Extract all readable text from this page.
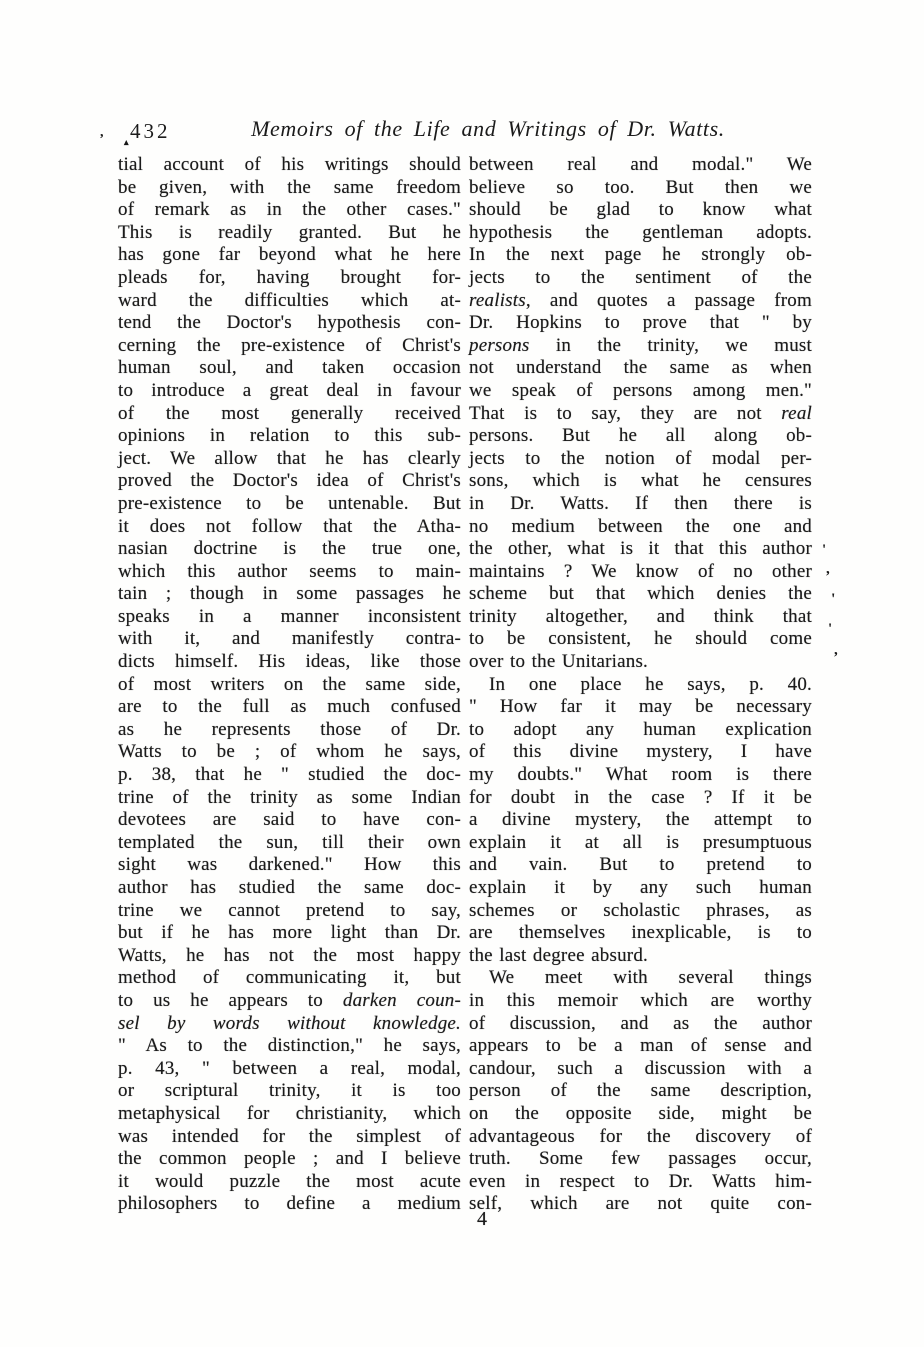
432	Memoirs of the Life and Writings of Dr. Watts.
tial account of his writings should
be given, with the same freedom
of remark as in the other cases."
This is readily granted. But he
has gone far beyond what he here
pleads for, having brought for-
ward the difficulties which at-
tend the Doctor's hypothesis con-
cerning the pre-existence of Christ's
human soul, and taken occasion
to introduce a great deal in favour
of the most generally received
opinions in relation to this sub-
ject. We allow that he has clearly
proved the Doctor's idea of Christ's
pre-existence to be untenable. But
it does not follow that the Atha-
nasian doctrine is the true one,
which this author seems to main-
tain ; though in some passages he
speaks in a manner inconsistent
with it, and manifestly contra-
dicts himself. His ideas, like those
of most writers on the same side,
are to the full as much confused
as he represents those of Dr.
Watts to be ; of whom he says,
p. 38, that he " studied the doc-
trine of the trinity as some Indian
devotees are said to have con-
templated the sun, till their own
sight was darkened." How this
author has studied the same doc-
trine we cannot pretend to say,
but if he has more light than Dr.
Watts, he has not the most happy
method of communicating it, but
to us he appears to darken coun-
sel by words without knowledge.
" As to the distinction," he says,
p. 43, " between a real, modal,
or scriptural trinity, it is too
metaphysical for christianity, which
was intended for the simplest of
the common people ; and I believe
it would puzzle the most acute
philosophers to define a medium
between real and modal." We
believe so too. But then we
should be glad to know what
hypothesis the gentleman adopts.
In the next page he strongly ob-
jects to the sentiment of the
realists, and quotes a passage from
Dr. Hopkins to prove that " by
persons in the trinity, we must
not understand the same as when
we speak of persons among men."
That is to say, they are not real
persons. But he all along ob-
jects to the notion of modal per-
sons, which is what he censures
in Dr. Watts. If then there is
no medium between the one and
the other, what is it that this author
maintains ? We know of no other
scheme but that which denies the
trinity altogether, and think that
to be consistent, he should come
over to the Unitarians.
In one place he says, p. 40.
" How far it may be necessary
to adopt any human explication
of this divine mystery, I have
my doubts." What room is there
for doubt in the case ? If it be
a divine mystery, the attempt to
explain it at all is presumptuous
and vain. But to pretend to
explain it by any such human
schemes or scholastic phrases, as
are themselves inexplicable, is to
the last degree absurd.
We meet with several things
in this memoir which are worthy
of discussion, and as the author
appears to be a man of sense and
candour, such a discussion with a
person of the same description,
on the opposite side, might be
advantageous for the discovery of
truth. Some few passages occur,
even in respect to Dr. Watts him-
self, which are not quite con-
4
,
▴
'
,
'
'
,
